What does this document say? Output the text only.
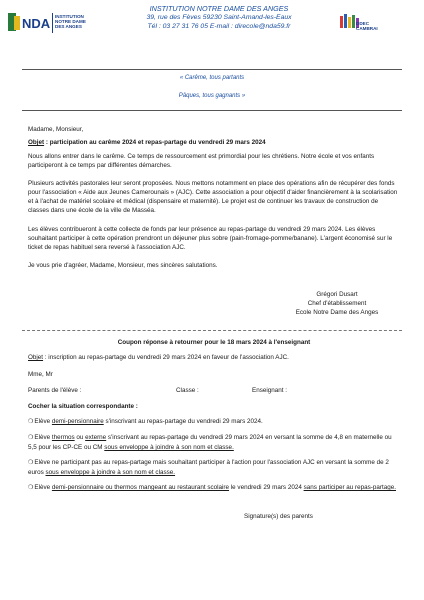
NDA INSTITUTION NOTRE DAME DES ANGES
INSTITUTION NOTRE DAME DES ANGES
39, rue des Fèves 59230 Saint-Amand-les-Eaux
Tél : 03 27 31 76 05 E-mail : direcole@nda59.fr	DDEC CAMBRAI
« Carême, tous partants
Pâques, tous gagnants »
Madame, Monsieur,
Objet : participation au carême 2024 et repas-partage du vendredi 29 mars 2024
Nous allons entrer dans le carême. Ce temps de ressourcement est primordial pour les chrétiens. Notre école et vos enfants participeront à ce temps par différentes démarches.
Plusieurs activités pastorales leur seront proposées. Nous mettons notamment en place des opérations afin de récupérer des fonds pour l'association « Aide aux Jeunes Camerounais » (AJC). Cette association a pour objectif d'aider financièrement à la scolarisation et à l'achat de matériel scolaire et médical (dispensaire et maternité). Le projet est de continuer les travaux de construction de classes dans une école de la ville de Masséa.
Les élèves contribueront à cette collecte de fonds par leur présence au repas-partage du vendredi 29 mars 2024. Les élèves souhaitant participer à cette opération prendront un déjeuner plus sobre (pain-fromage-pomme/banane). L'argent économisé sur le ticket de repas habituel sera reversé à l'association AJC.
Je vous prie d'agréer, Madame, Monsieur, mes sincères salutations.
Grégori Dusart
Chef d'établissement
Ecole Notre Dame des Anges
Coupon réponse à retourner pour le 18 mars 2024 à l'enseignant
Objet : inscription au repas-partage du vendredi 29 mars 2024 en faveur de l'association AJC.
Mme, Mr
Parents de l'élève :	Classe :	Enseignant :
Cocher la situation correspondante :
❍Elève demi-pensionnaire s'inscrivant au repas-partage du vendredi 29 mars 2024.
❍Elève thermos ou externe s'inscrivant au repas-partage du vendredi 29 mars 2024 en versant la somme de 4,8 en maternelle ou 5,5 pour les CP-CE ou CM sous enveloppe à joindre à son nom et classe.
❍Elève ne participant pas au repas-partage mais souhaitant participer à l'action pour l'association AJC en versant la somme de 2 euros sous enveloppe à joindre à son nom et classe.
❍Elève demi-pensionnaire ou thermos mangeant au restaurant scolaire le vendredi 29 mars 2024 sans participer au repas-partage.
Signature(s) des parents
